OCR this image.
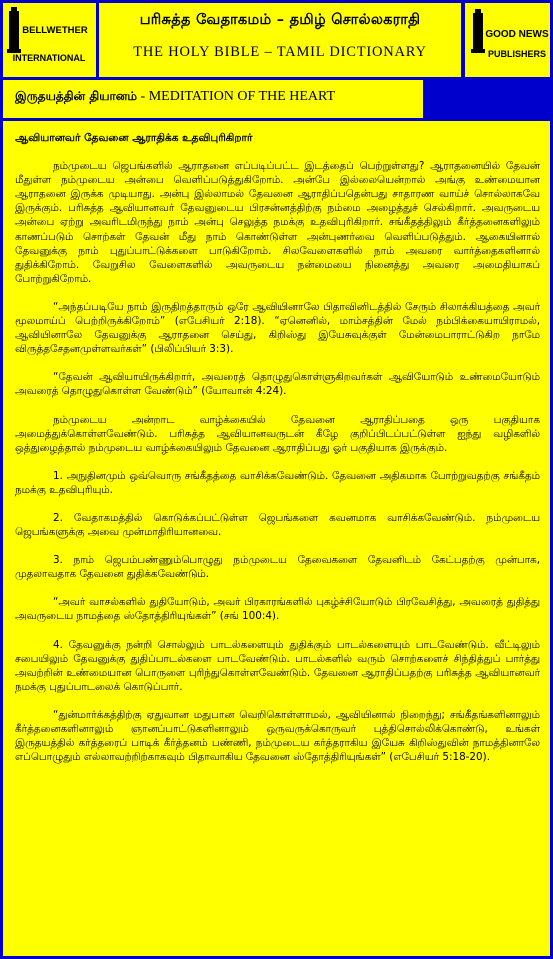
BELLWETHER
INTERNATIONAL
பரிசுத்த வேதாகமம் – தமிழ் சொல்லகராதி
THE HOLY BIBLE – TAMIL DICTIONARY
GOOD NEWS
PUBLISHERS
இருதயத்தின் தியானம் - MEDITATION OF THE HEART
ஆவியானவர் தேவனை ஆராதிக்க உதவிபுரிகிறார்

நம்முடைய ஜெபங்களில் ஆராதனை எப்படிப்பட்ட இடத்தைப் பெற்றுள்ளது? ஆராதனையில் தேவன் மீதுள்ள நம்முடைய அன்பை வெளிப்படுத்துகிறோம். அன்பே இல்லையென்றால் அங்கு உண்மையான ஆராதனை இருக்க முடியாது. அன்பு இல்லாமல் தேவனை ஆராதிப்பதென்பது சாதாரண வாய்ச் சொல்லாகவே இருக்கும். பரிசுத்த ஆவியானவர் தேவனுடைய பிரசன்னத்திற்கு நம்மை அழைத்துச் செல்கிறார். அவருடைய அன்பை ஏற்று அவரிடமிருந்து நாம் அன்பு செலுத்த நமக்கு உதவிபுரிகிறார். சங்கீதத்திலும் கீர்த்தனைகளிலும் காணப்படும் சொற்கள் தேவன் மீது நாம் கொண்டுள்ள அன்புணர்வை வெளிப்படுத்தும். ஆகையினால் தேவனுக்கு நாம் புதுப்பாட்டுக்களை பாடுகிறோம். சிலவேளைகளில் நாம் அவரை வார்த்தைகளினால் துதிக்கிறோம். வேறுசில வேளைகளில் அவருடைய நன்மையை நினைத்து அவரை அமைதியாகப் போற்றுகிறோம்.

“அந்தப்படியே நாம் இருதிறத்தாரும் ஒரே ஆவியினாலே பிதாவினிடத்தில் சேரும் சிலாக்கியத்தை அவர் மூலமாய்ப் பெற்றிருக்கிறோம்” (எபேசியர் 2:18). “ஏனெனில், மாம்சத்தின் மேல் நம்பிக்கையாயிராமல், ஆவியினாலே தேவனுக்கு ஆராதனை செய்து, கிறிஸ்து இயேசுவுக்குள் மேன்மைபாராட்டுகிற நாமே விருத்தசேதனமுள்ளவர்கள்” (பிலிப்பியர் 3:3).

“தேவன் ஆவியாயிருக்கிறார், அவரைத் தொழுதுகொள்ளுகிறவர்கள் ஆவியோடும் உண்மையோடும் அவரைத் தொழுதுகொள்ள வேண்டும்” (யோவான் 4:24).

நம்முடைய அன்றாட வாழ்க்கையில் தேவனை ஆராதிப்பதை ஒரு பகுதியாக அமைத்துக்கொள்ளவேண்டும். பரிசுத்த ஆவியானவருடன் கீழே குறிப்பிடப்பட்டுள்ள ஐந்து வழிகளில் ஒத்துழைத்தால் நம்முடைய வாழ்க்கையிலும் தேவனை ஆராதிப்பது ஓர் பகுதியாக இருக்கும்.

1. அநுதினமும் ஒவ்வொரு சங்கீதத்தை வாசிக்கவேண்டும். தேவனை அதிகமாக போற்றுவதற்கு சங்கீதம் நமக்கு உதவிபுரியும்.

2. வேதாகமத்தில் கொடுக்கப்பட்டுள்ள ஜெபங்களை கவனமாக வாசிக்கவேண்டும். நம்முடைய ஜெபங்களுக்கு அவை முன்மாதிரியானவை.

3. நாம் ஜெபம்பண்ணும்பொழுது நம்முடைய தேவைகளை தேவனிடம் கேட்பதற்கு முன்பாக, முதலாவதாக தேவனை துதிக்கவேண்டும்.

“அவர் வாசல்களில் துதியோடும், அவர் பிரகாரங்களில் புகழ்ச்சியோடும் பிரவேசித்து, அவரைத் துதித்து அவருடைய நாமத்தை ஸ்தோத்திரியுங்கள்” (சங் 100:4).

4. தேவனுக்கு நன்றி சொல்லும் பாடல்களையும் துதிக்கும் பாடல்களையும் பாடவேண்டும். வீட்டிலும் சபையிலும் தேவனுக்கு துதிப்பாடல்களை பாடவேண்டும். பாடல்களில் வரும் சொற்களைச் சிந்தித்துப் பார்த்து அவற்றின் உண்மையான பொருளை புரிந்துகொள்ளவேண்டும். தேவனை ஆராதிப்பதற்கு பரிசுத்த ஆவியானவர் நமக்கு புதுப்பாடலைக் கொடுப்பார்.

“துன்மார்க்கத்திற்கு ஏதுவான மதுபான வெறிகொள்ளாமல், ஆவியினால் நிறைந்து; சங்கீதங்களினாலும் கீர்த்தனைகளினாலும் ஞானப்பாட்டுகளினாலும் ஒருவருக்கொருவர் புத்திசொல்லிக்கொண்டு, உங்கள் இருதயத்தில் கர்த்தரைப் பாடிக் கீர்த்தனம் பண்ணி, நம்முடைய கர்த்தராகிய இயேசு கிறிஸ்துவின் நாமத்தினாலே எப்பொழுதும் எல்லாவற்றிற்காகவும் பிதாவாகிய தேவனை ஸ்தோத்திரியுங்கள்” (எபேசியர் 5:18-20).
